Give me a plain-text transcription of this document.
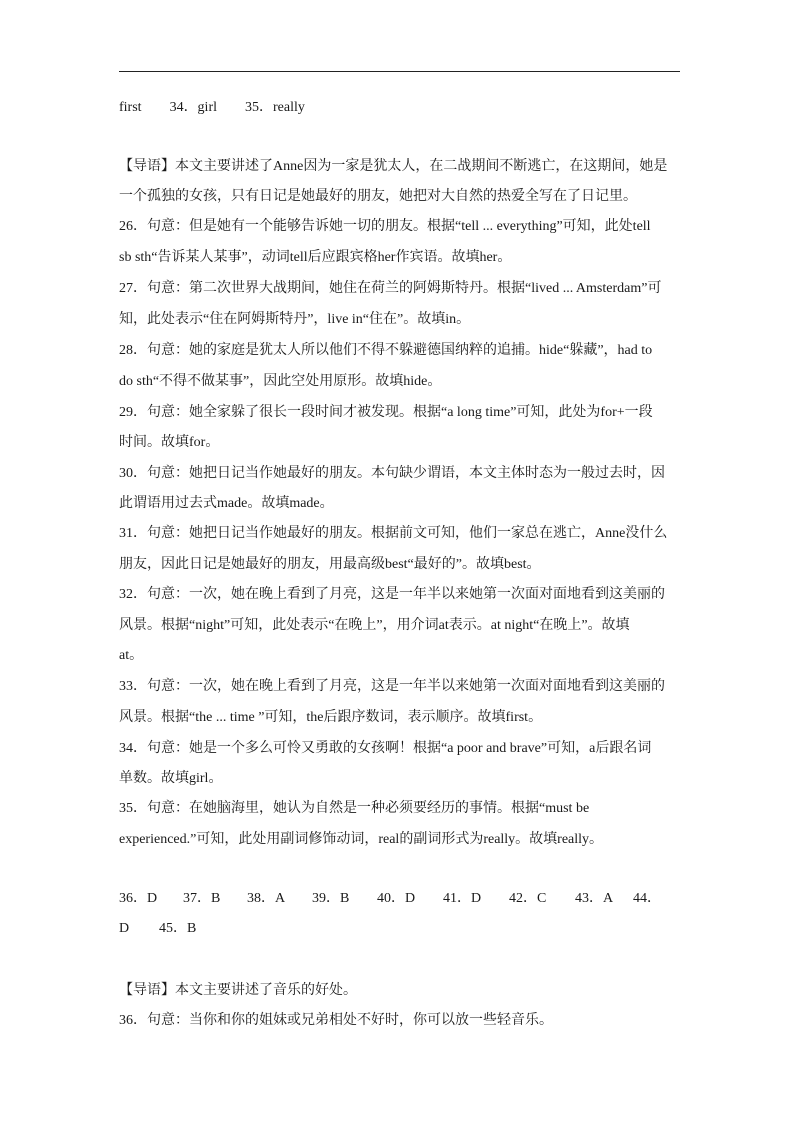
first 34．girl 35．really
【导语】本文主要讲述了Anne因为一家是犹太人，在二战期间不断逃亡，在这期间，她是
一个孤独的女孩，只有日记是她最好的朋友，她把对大自然的热爱全写在了日记里。
26．句意：但是她有一个能够告诉她一切的朋友。根据“tell ... everything”可知，此处tell
sb sth“告诉某人某事”，动词tell后应跟宾格her作宾语。故填her。
27．句意：第二次世界大战期间，她住在荷兰的阿姆斯特丹。根据“lived ... Amsterdam”可
知，此处表示“住在阿姆斯特丹”，live in“住在”。故填in。
28．句意：她的家庭是犹太人所以他们不得不躲避德国纳粹的追捕。hide“躲藏”，had to
do sth“不得不做某事”，因此空处用原形。故填hide。
29．句意：她全家躲了很长一段时间才被发现。根据“a long time”可知，此处为for+一段
时间。故填for。
30．句意：她把日记当作她最好的朋友。本句缺少谓语，本文主体时态为一般过去时，因
此谓语用过去式made。故填made。
31．句意：她把日记当作她最好的朋友。根据前文可知，他们一家总在逃亡，Anne没什么
朋友，因此日记是她最好的朋友，用最高级best“最好的”。故填best。
32．句意：一次，她在晚上看到了月亮，这是一年半以来她第一次面对面地看到这美丽的
风景。根据“night”可知，此处表示“在晚上”，用介词at表示。at night“在晚上”。故填
at。
33．句意：一次，她在晚上看到了月亮，这是一年半以来她第一次面对面地看到这美丽的
风景。根据“the ... time ”可知，the后跟序数词，表示顺序。故填first。
34．句意：她是一个多么可怜又勇敢的女孩啊！根据“a poor and brave”可知，a后跟名词
单数。故填girl。
35．句意：在她脑海里，她认为自然是一种必须要经历的事情。根据“must be
experienced.”可知，此处用副词修饰动词，real的副词形式为really。故填really。
36．D 37．B 38．A 39．B 40．D 41．D 42．C 43．A 44．
D 45．B
【导语】本文主要讲述了音乐的好处。
36．句意：当你和你的姐妹或兄弟相处不好时，你可以放一些轻音乐。
